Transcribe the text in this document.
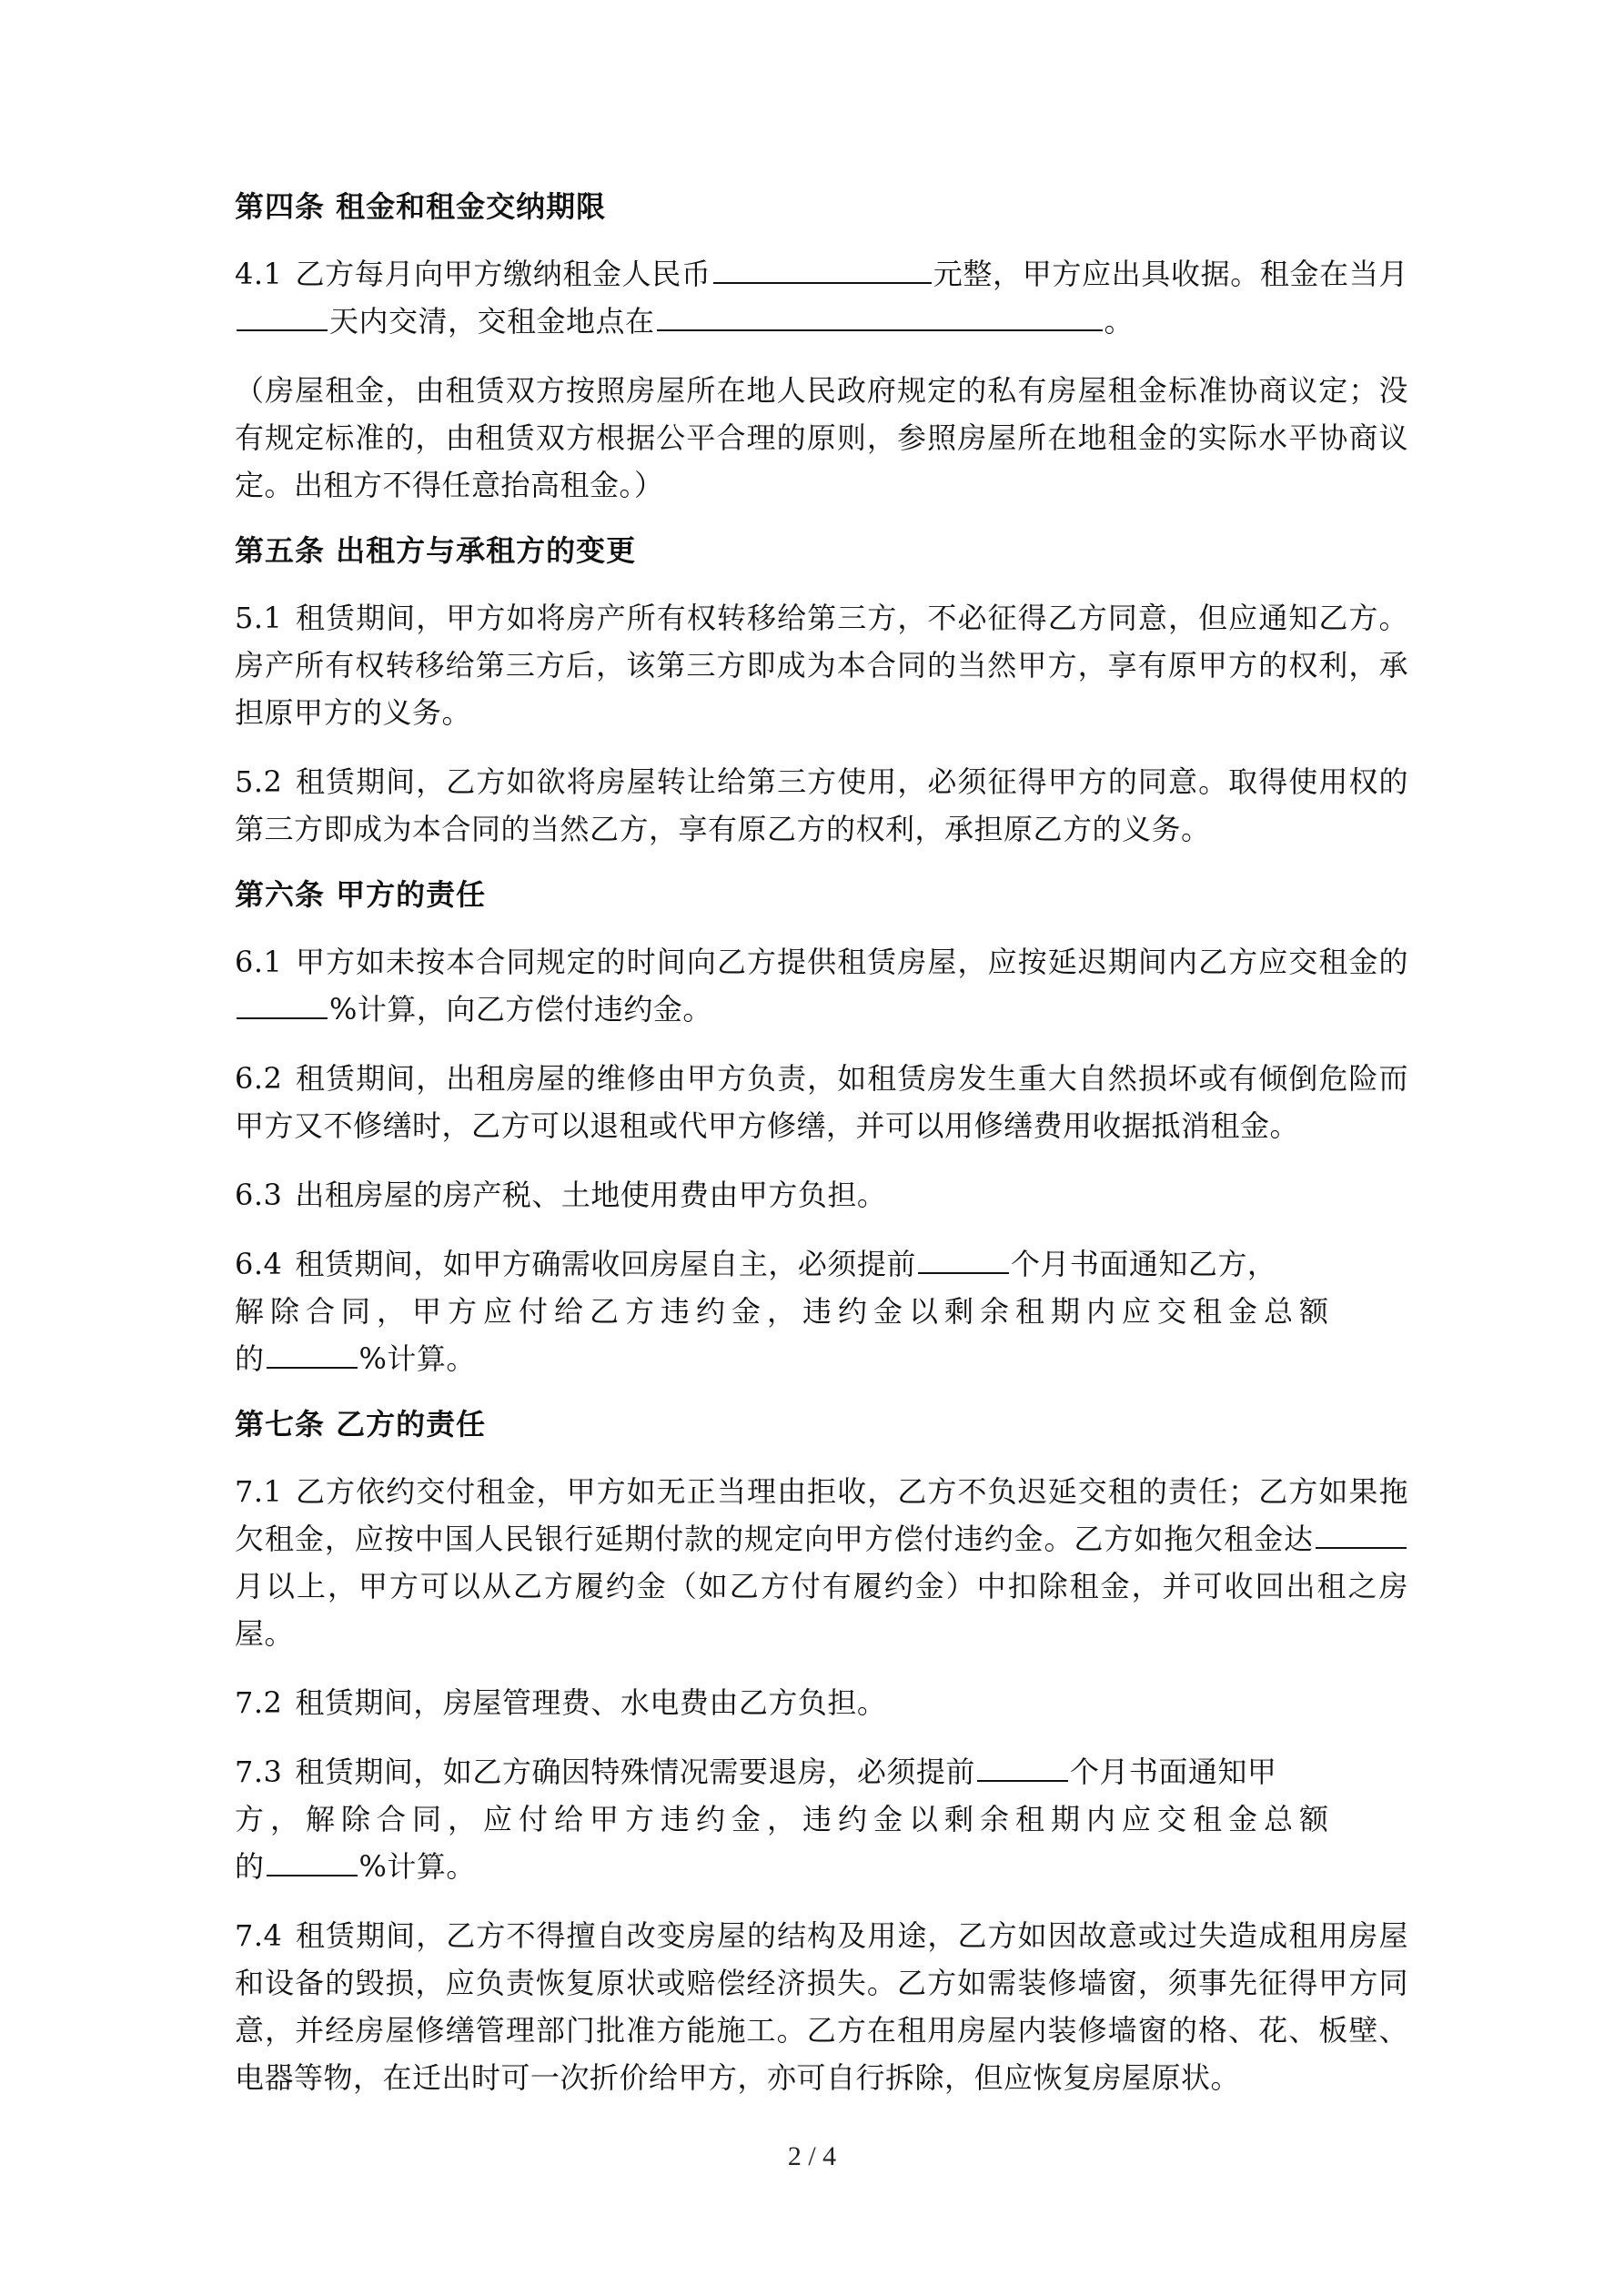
第四条 租金和租金交纳期限
4.1 乙方每月向甲方缴纳租金人民币	元整，甲方应出具收据。租金在当月天内交清，交租金地点在	。
（房屋租金，由租赁双方按照房屋所在地人民政府规定的私有房屋租金标准协商议定；没有规定标准的，由租赁双方根据公平合理的原则，参照房屋所在地租金的实际水平协商议定。出租方不得任意抬高租金。）
第五条 出租方与承租方的变更
5.1 租赁期间，甲方如将房产所有权转移给第三方，不必征得乙方同意，但应通知乙方。房产所有权转移给第三方后，该第三方即成为本合同的当然甲方，享有原甲方的权利，承担原甲方的义务。
5.2 租赁期间，乙方如欲将房屋转让给第三方使用，必须征得甲方的同意。取得使用权的第三方即成为本合同的当然乙方，享有原乙方的权利，承担原乙方的义务。
第六条 甲方的责任
6.1 甲方如未按本合同规定的时间向乙方提供租赁房屋，应按延迟期间内乙方应交租金的%计算，向乙方偿付违约金。
6.2 租赁期间，出租房屋的维修由甲方负责，如租赁房发生重大自然损坏或有倾倒危险而甲方又不修缮时，乙方可以退租或代甲方修缮，并可以用修缮费用收据抵消租金。
6.3 出租房屋的房产税、土地使用费由甲方负担。
6.4 租赁期间，如甲方确需收回房屋自主，必须提前	个月书面通知乙方，
解除合同，甲方应付给乙方违约金，违约金以剩余租期内应交租金总额
的	%计算。
第七条 乙方的责任
7.1 乙方依约交付租金，甲方如无正当理由拒收，乙方不负迟延交租的责任；乙方如果拖欠租金，应按中国人民银行延期付款的规定向甲方偿付违约金。乙方如拖欠租金达月以上，甲方可以从乙方履约金（如乙方付有履约金）中扣除租金，并可收回出租之房屋。
7.2 租赁期间，房屋管理费、水电费由乙方负担。
7.3 租赁期间，如乙方确因特殊情况需要退房，必须提前	个月书面通知甲
方，解除合同，应付给甲方违约金，违约金以剩余租期内应交租金总额
的	%计算。
7.4 租赁期间，乙方不得擅自改变房屋的结构及用途，乙方如因故意或过失造成租用房屋和设备的毁损，应负责恢复原状或赔偿经济损失。乙方如需装修墙窗，须事先征得甲方同意，并经房屋修缮管理部门批准方能施工。乙方在租用房屋内装修墙窗的格、花、板壁、电器等物，在迁出时可一次折价给甲方，亦可自行拆除，但应恢复房屋原状。
2 / 4
